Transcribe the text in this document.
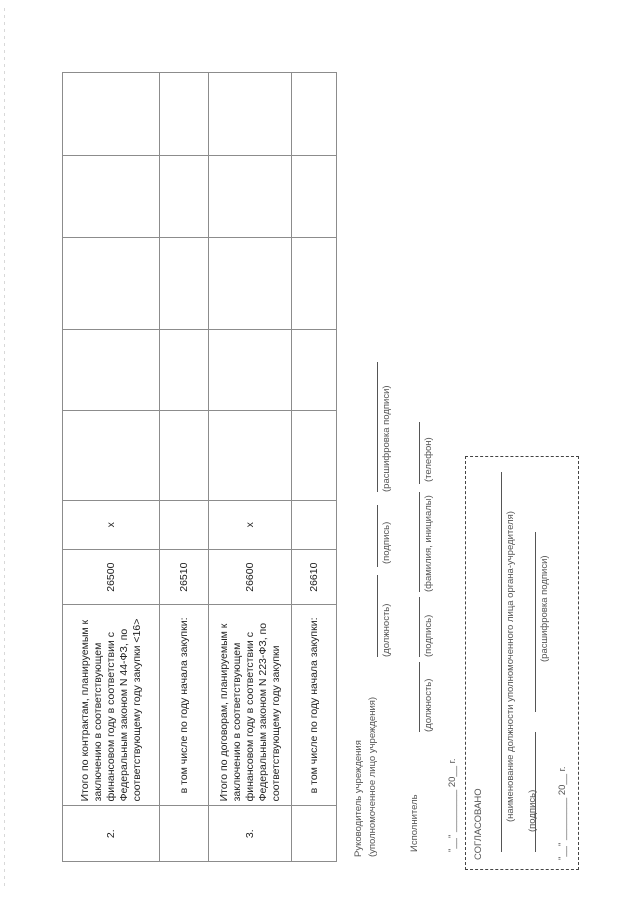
2.	Итого по контрактам, планируемым к заключению в соответствующем финансовом году в соответствии с Федеральным законом N 44-ФЗ, по соответствующему году закупки <16>	26500	x					
	в том числе по году начала закупки:	26510						
3.	Итого по договорам, планируемым к заключению в соответствующем финансовом году в соответствии с Федеральным законом N 223-ФЗ, по соответствующему году закупки	26600	x					
	в том числе по году начала закупки:	26610						
Руководитель учреждения (уполномоченное лицо учреждения)
(должность)
(подпись)
(расшифровка подписи)
Исполнитель
(должность)
(подпись)
(фамилия, инициалы)
(телефон)
"__" ________ 20__ г. СОГЛАСОВАНО
(наименование должности уполномоченного лица органа-учредителя) (подпись)
(расшифровка подписи)
"__" ________ 20__ г.
